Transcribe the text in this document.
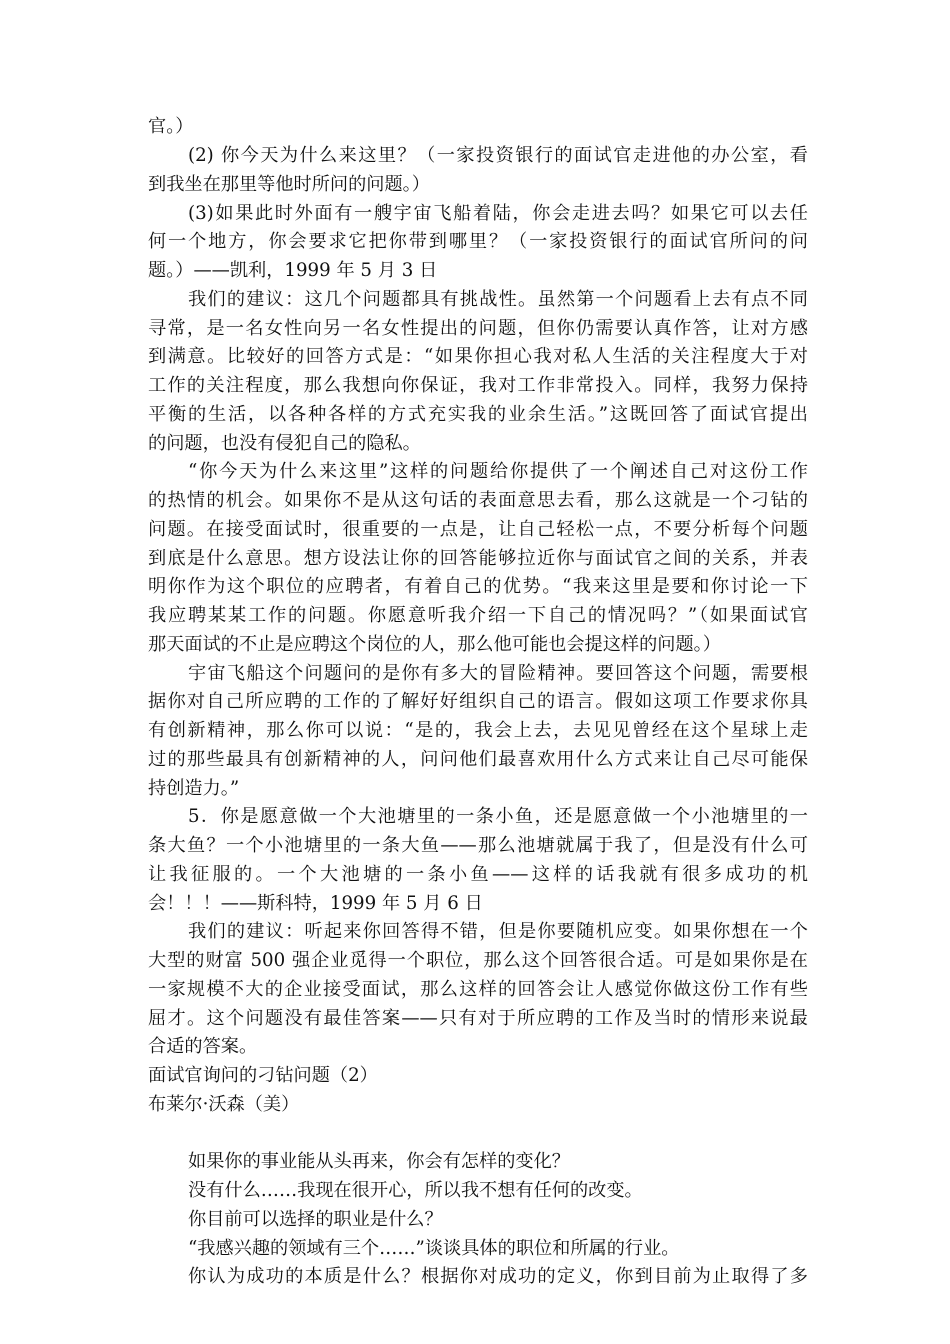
官。）
(2) 你今天为什么来这里？（一家投资银行的面试官走进他的办公室，看
到我坐在那里等他时所问的问题。）
(3)如果此时外面有一艘宇宙飞船着陆，你会走进去吗？如果它可以去任
何一个地方，你会要求它把你带到哪里？（一家投资银行的面试官所问的问
题。）——凯利，1999 年 5 月 3 日
我们的建议：这几个问题都具有挑战性。虽然第一个问题看上去有点不同
寻常，是一名女性向另一名女性提出的问题，但你仍需要认真作答，让对方感
到满意。比较好的回答方式是：“如果你担心我对私人生活的关注程度大于对
工作的关注程度，那么我想向你保证，我对工作非常投入。同样，我努力保持
平衡的生活，以各种各样的方式充实我的业余生活。”这既回答了面试官提出
的问题，也没有侵犯自己的隐私。
“你今天为什么来这里”这样的问题给你提供了一个阐述自己对这份工作
的热情的机会。如果你不是从这句话的表面意思去看，那么这就是一个刁钻的
问题。在接受面试时，很重要的一点是，让自己轻松一点，不要分析每个问题
到底是什么意思。想方设法让你的回答能够拉近你与面试官之间的关系，并表
明你作为这个职位的应聘者，有着自己的优势。“我来这里是要和你讨论一下
我应聘某某工作的问题。你愿意听我介绍一下自己的情况吗？”（如果面试官
那天面试的不止是应聘这个岗位的人，那么他可能也会提这样的问题。）
宇宙飞船这个问题问的是你有多大的冒险精神。要回答这个问题，需要根
据你对自己所应聘的工作的了解好好组织自己的语言。假如这项工作要求你具
有创新精神，那么你可以说：“是的，我会上去，去见见曾经在这个星球上走
过的那些最具有创新精神的人，问问他们最喜欢用什么方式来让自己尽可能保
持创造力。”
5．你是愿意做一个大池塘里的一条小鱼，还是愿意做一个小池塘里的一
条大鱼？一个小池塘里的一条大鱼——那么池塘就属于我了，但是没有什么可
让我征服的。一个大池塘的一条小鱼——这样的话我就有很多成功的机
会！！！——斯科特，1999 年 5 月 6 日
我们的建议：听起来你回答得不错，但是你要随机应变。如果你想在一个
大型的财富 500 强企业觅得一个职位，那么这个回答很合适。可是如果你是在
一家规模不大的企业接受面试，那么这样的回答会让人感觉你做这份工作有些
屈才。这个问题没有最佳答案——只有对于所应聘的工作及当时的情形来说最
合适的答案。
面试官询问的刁钻问题（2）
布莱尔·沃森（美）
如果你的事业能从头再来，你会有怎样的变化？
没有什么……我现在很开心，所以我不想有任何的改变。
你目前可以选择的职业是什么？
“我感兴趣的领域有三个……”谈谈具体的职位和所属的行业。
你认为成功的本质是什么？根据你对成功的定义，你到目前为止取得了多
